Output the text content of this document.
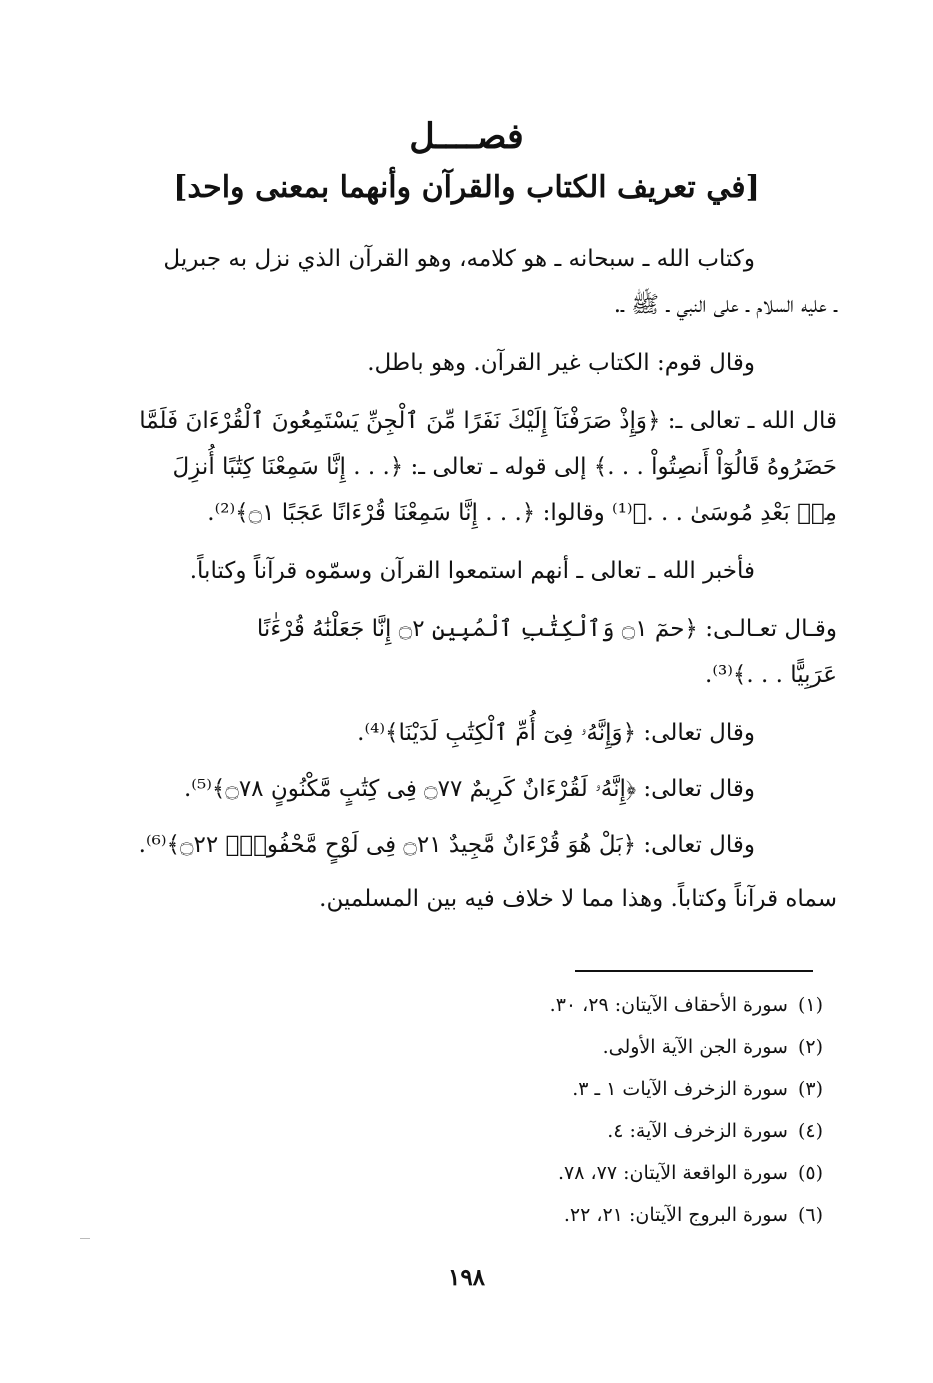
فصــــل
[في تعريف الكتاب والقرآن وأنهما بمعنى واحد]
وكتاب الله ـ سبحانه ـ هو كلامه، وهو القرآن الذي نزل به جبريل
ـ عليه السلام ـ على النبي ـ ﷺ ـ.
وقال قوم: الكتاب غير القرآن. وهو باطل.
قال الله ـ تعالى ـ: ﴿وَإِذْ صَرَفْنَآ إِلَيْكَ نَفَرًا مِّنَ ٱلْجِنِّ يَسْتَمِعُونَ ٱلْقُرْءَانَ فَلَمَّا
حَضَرُوهُ قَالُوٓاْ أَنصِتُواْ . . .﴾ إلى قوله ـ تعالى ـ: ﴿. . . إِنَّا سَمِعْنَا كِتَٰبًا أُنزِلَ
مِنۢ بَعْدِ مُوسَىٰ . . .﴾⁽¹⁾ وقالوا: ﴿. . . إِنَّا سَمِعْنَا قُرْءَانًا عَجَبًا ۝١﴾⁽²⁾.
فأخبر الله ـ تعالى ـ أنهم استمعوا القرآن وسمّوه قرآناً وكتاباً.
وقـال تعـالـى: ﴿حمٓ ۝١ وَٱلْكِتَٰبِ ٱلْمُبِينِ ۝٢ إِنَّا جَعَلْنَٰهُ قُرْءَٰنًا
عَرَبِيًّا . . .﴾⁽³⁾.
وقال تعالى: ﴿وَإِنَّهُۥ فِىٓ أُمِّ ٱلْكِتَٰبِ لَدَيْنَا﴾⁽⁴⁾.
وقال تعالى: ﴿إِنَّهُۥ لَقُرْءَانٌ كَرِيمٌ ۝٧٧ فِى كِتَٰبٍ مَّكْنُونٍ ۝٧٨﴾⁽⁵⁾.
وقال تعالى: ﴿بَلْ هُوَ قُرْءَانٌ مَّجِيدٌ ۝٢١ فِى لَوْحٍ مَّحْفُوظٍۭ ۝٢٢﴾⁽⁶⁾.
سماه قرآناً وكتاباً. وهذا مما لا خلاف فيه بين المسلمين.
(١)سورة الأحقاف الآيتان: ٢٩، ٣٠.
(٢)سورة الجن الآية الأولى.
(٣)سورة الزخرف الآيات ١ ـ ٣.
(٤)سورة الزخرف الآية: ٤.
(٥)سورة الواقعة الآيتان: ٧٧، ٧٨.
(٦)سورة البروج الآيتان: ٢١، ٢٢.
١٩٨
